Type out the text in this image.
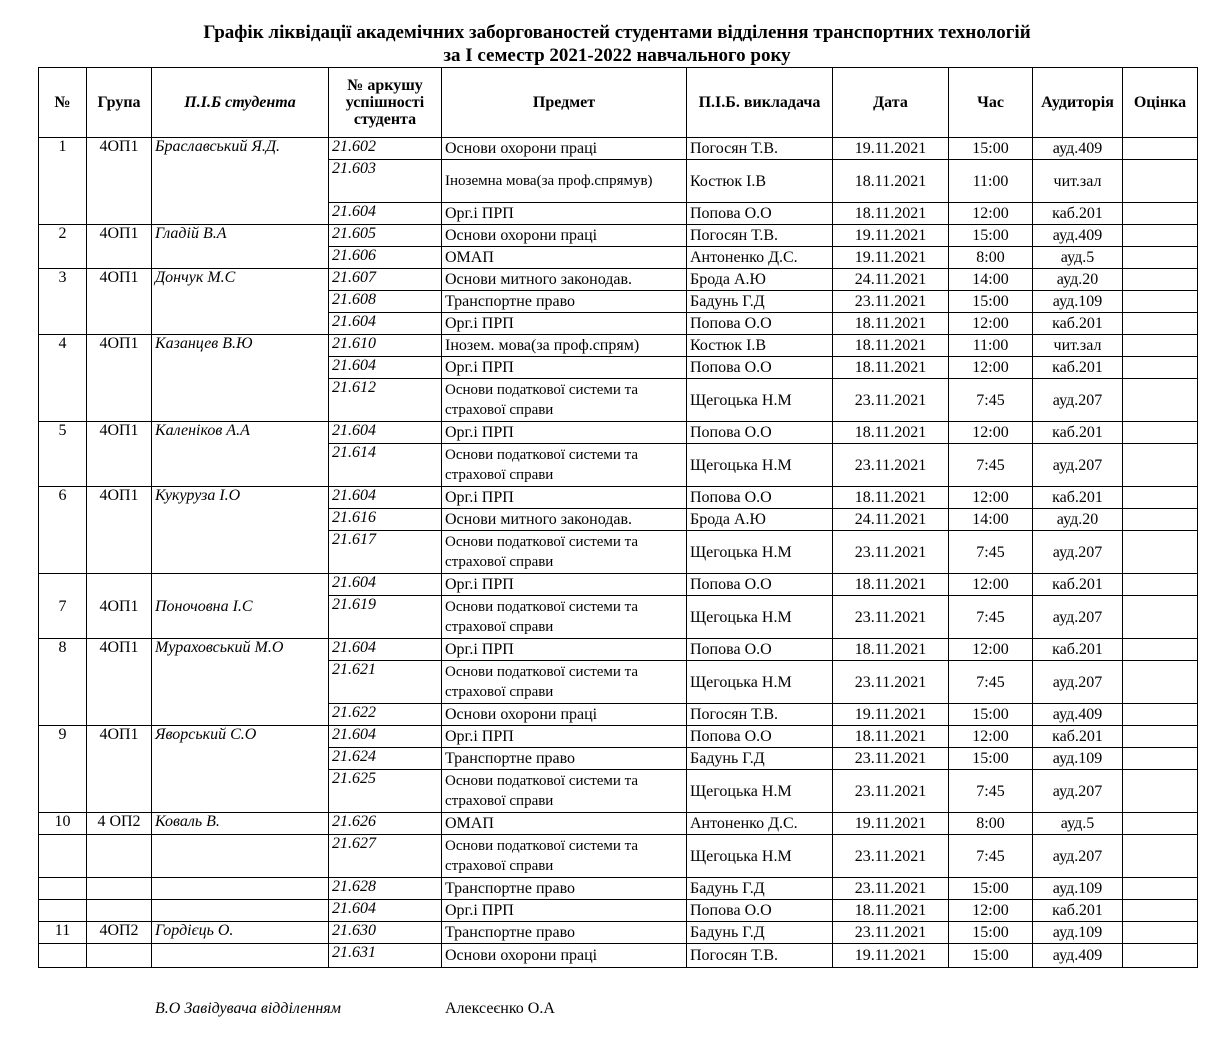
Графік ліквідації академічних заборгованостей студентами відділення транспортних технологій
за І семестр 2021-2022 навчального року
№	Група	П.І.Б студента	№ аркушу успішності студента	Предмет	П.І.Б. викладача	Дата	Час	Аудиторія	Оцінка
1	4ОП1	Браславський Я.Д.	21.602	Основи охорони праці	Погосян Т.В.	19.11.2021	15:00	ауд.409	
			21.603	Іноземна мова(за проф.спрямув)	Костюк І.В	18.11.2021	11:00	чит.зал	
			21.604	Орг.і ПРП	Попова О.О	18.11.2021	12:00	каб.201	
2	4ОП1	Гладій В.А	21.605	Основи охорони праці	Погосян Т.В.	19.11.2021	15:00	ауд.409	
			21.606	ОМАП	Антоненко Д.С.	19.11.2021	8:00	ауд.5	
3	4ОП1	Дончук М.С	21.607	Основи митного законодав.	Брода А.Ю	24.11.2021	14:00	ауд.20	
			21.608	Транспортне право	Бадунь Г.Д	23.11.2021	15:00	ауд.109	
			21.604	Орг.і ПРП	Попова О.О	18.11.2021	12:00	каб.201	
4	4ОП1	Казанцев В.Ю	21.610	Інозем. мова(за проф.спрям)	Костюк І.В	18.11.2021	11:00	чит.зал	
			21.604	Орг.і ПРП	Попова О.О	18.11.2021	12:00	каб.201	
			21.612	Основи податкової системи та страхової справи	Щегоцька Н.М	23.11.2021	7:45	ауд.207	
5	4ОП1	Каленіков А.А	21.604	Орг.і ПРП	Попова О.О	18.11.2021	12:00	каб.201	
			21.614	Основи податкової системи та страхової справи	Щегоцька Н.М	23.11.2021	7:45	ауд.207	
6	4ОП1	Кукуруза І.О	21.604	Орг.і ПРП	Попова О.О	18.11.2021	12:00	каб.201	
			21.616	Основи митного законодав.	Брода А.Ю	24.11.2021	14:00	ауд.20	
			21.617	Основи податкової системи та страхової справи	Щегоцька Н.М	23.11.2021	7:45	ауд.207	
7	4ОП1	Поночовна І.С	21.604	Орг.і ПРП	Попова О.О	18.11.2021	12:00	каб.201	
			21.619	Основи податкової системи та страхової справи	Щегоцька Н.М	23.11.2021	7:45	ауд.207	
8	4ОП1	Мураховський М.О	21.604	Орг.і ПРП	Попова О.О	18.11.2021	12:00	каб.201	
			21.621	Основи податкової системи та страхової справи	Щегоцька Н.М	23.11.2021	7:45	ауд.207	
			21.622	Основи охорони праці	Погосян Т.В.	19.11.2021	15:00	ауд.409	
9	4ОП1	Яворський С.О	21.604	Орг.і ПРП	Попова О.О	18.11.2021	12:00	каб.201	
			21.624	Транспортне право	Бадунь Г.Д	23.11.2021	15:00	ауд.109	
			21.625	Основи податкової системи та страхової справи	Щегоцька Н.М	23.11.2021	7:45	ауд.207	
10	4 ОП2	Коваль В.	21.626	ОМАП	Антоненко Д.С.	19.11.2021	8:00	ауд.5	
			21.627	Основи податкової системи та страхової справи	Щегоцька Н.М	23.11.2021	7:45	ауд.207	
			21.628	Транспортне право	Бадунь Г.Д	23.11.2021	15:00	ауд.109	
			21.604	Орг.і ПРП	Попова О.О	18.11.2021	12:00	каб.201	
11	4ОП2	Гордієць О.	21.630	Транспортне право	Бадунь Г.Д	23.11.2021	15:00	ауд.109	
			21.631	Основи охорони праці	Погосян Т.В.	19.11.2021	15:00	ауд.409	
В.О Завідувача відділенням	Алексеєнко О.А
